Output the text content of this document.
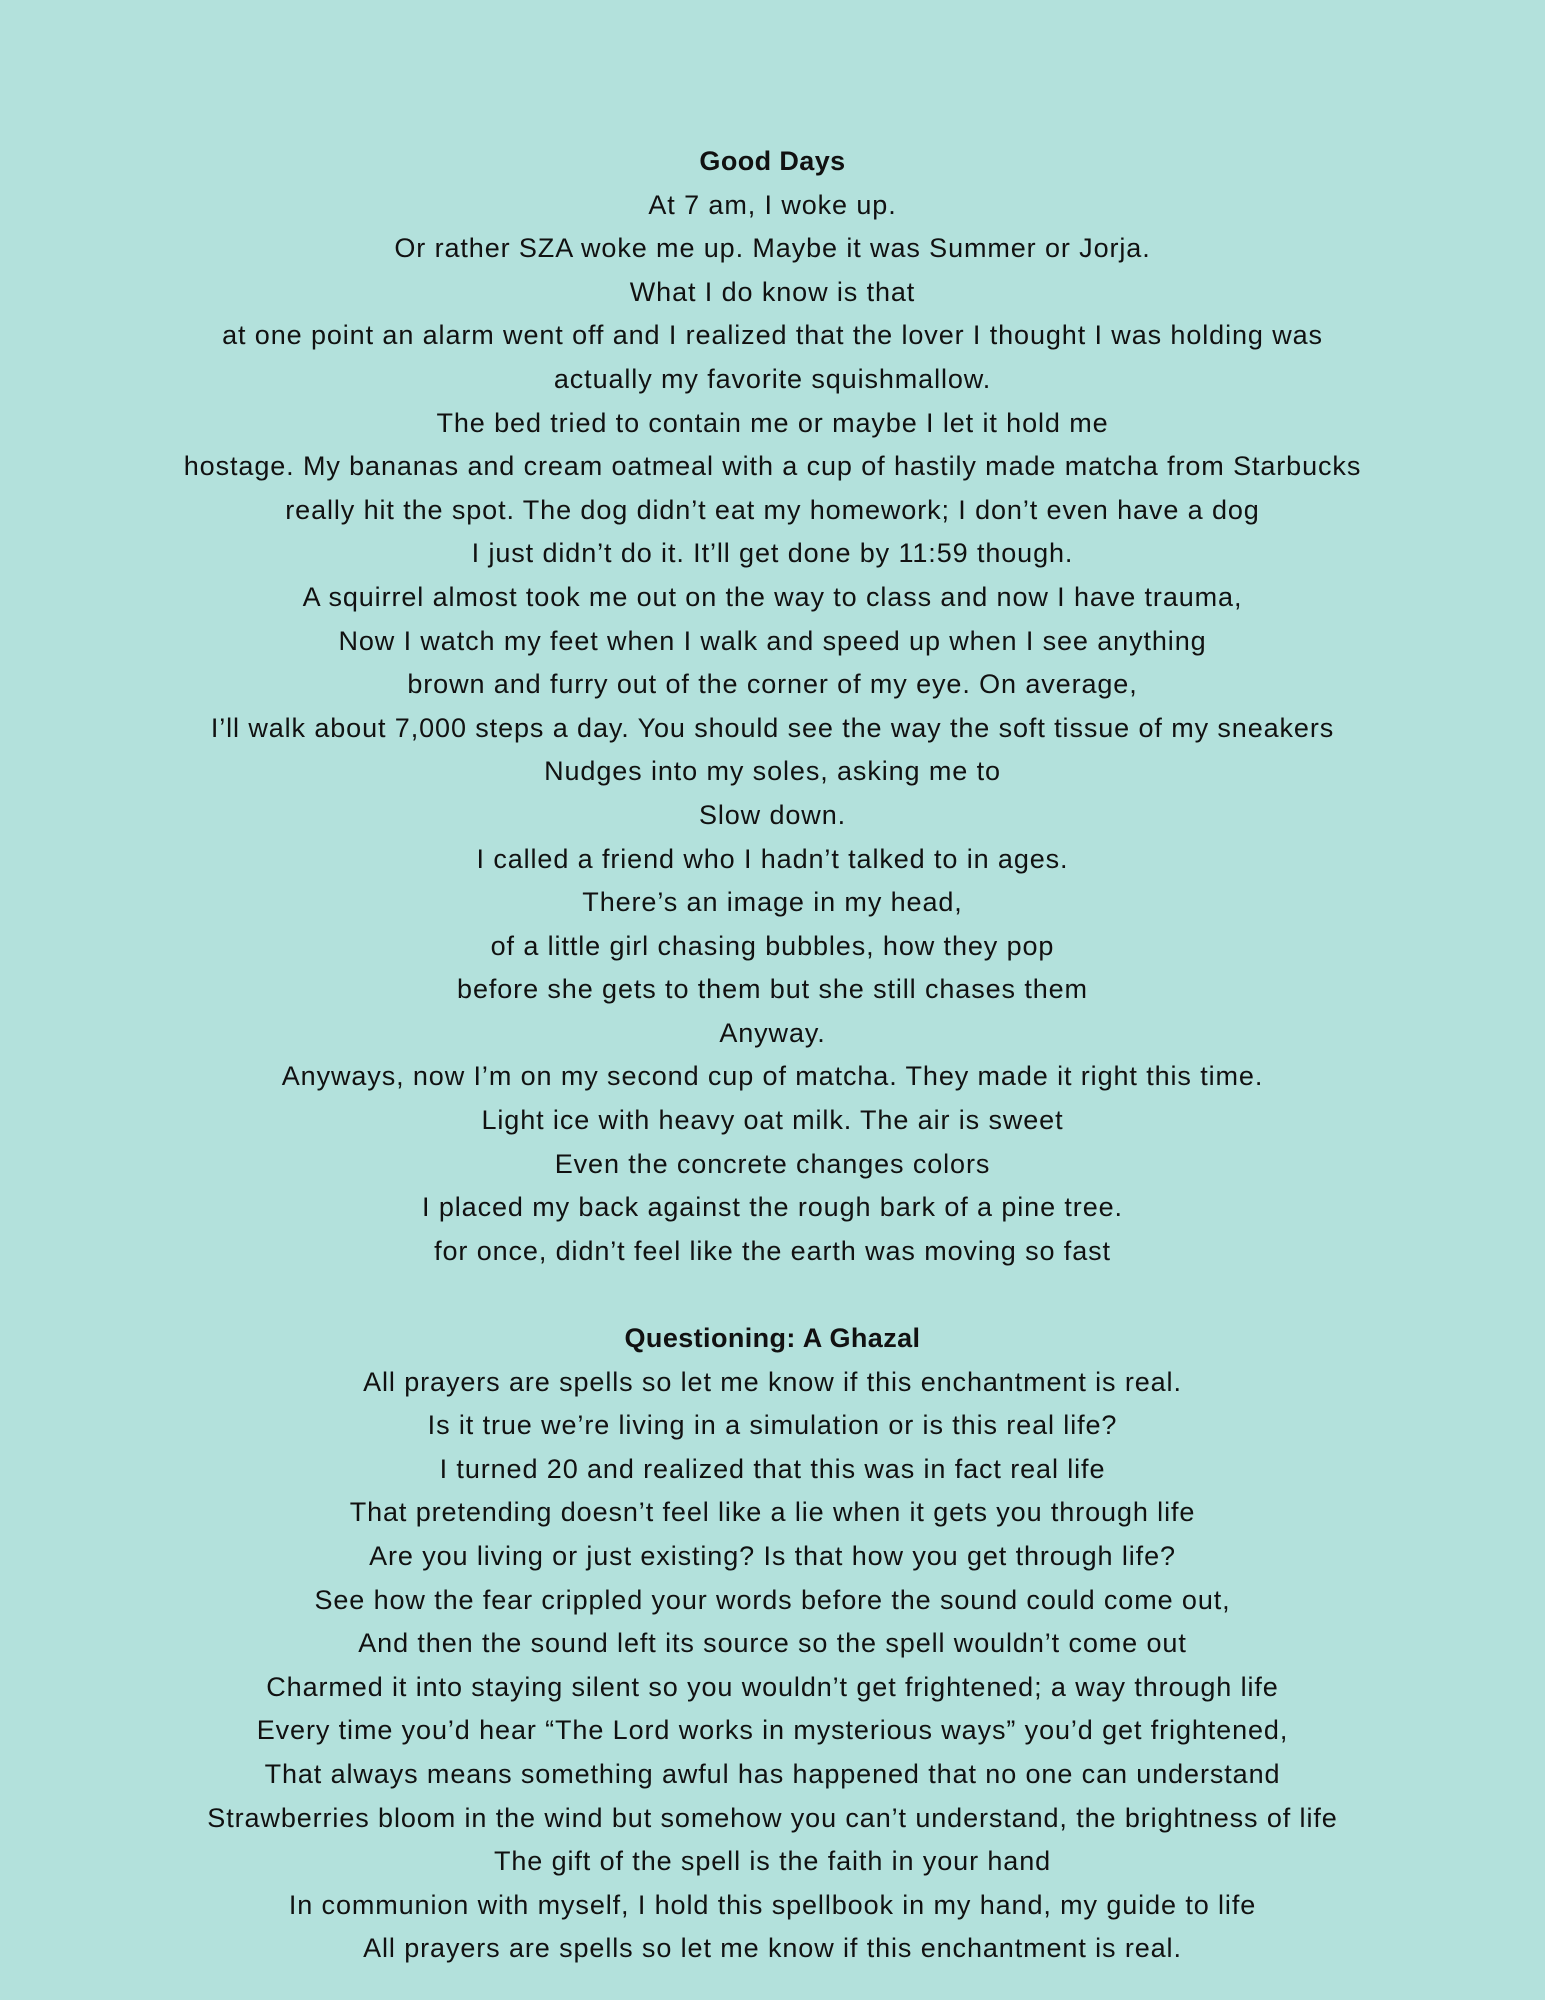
Good Days
At 7 am, I woke up.
Or rather SZA woke me up. Maybe it was Summer or Jorja.
What I do know is that
at one point an alarm went off and I realized that the lover I thought I was holding was
actually my favorite squishmallow.
The bed tried to contain me or maybe I let it hold me
hostage. My bananas and cream oatmeal with a cup of hastily made matcha from Starbucks
really hit the spot. The dog didn’t eat my homework; I don’t even have a dog
I just didn’t do it. It’ll get done by 11:59 though.
A squirrel almost took me out on the way to class and now I have trauma,
Now I watch my feet when I walk and speed up when I see anything
brown and furry out of the corner of my eye. On average,
I’ll walk about 7,000 steps a day. You should see the way the soft tissue of my sneakers
Nudges into my soles, asking me to
Slow down.
I called a friend who I hadn’t talked to in ages.
There’s an image in my head,
of a little girl chasing bubbles, how they pop
before she gets to them but she still chases them
Anyway.
Anyways, now I’m on my second cup of matcha. They made it right this time.
Light ice with heavy oat milk. The air is sweet
Even the concrete changes colors
I placed my back against the rough bark of a pine tree.
for once, didn’t feel like the earth was moving so fast
Questioning: A Ghazal
All prayers are spells so let me know if this enchantment is real.
Is it true we’re living in a simulation or is this real life?
I turned 20 and realized that this was in fact real life
That pretending doesn’t feel like a lie when it gets you through life
Are you living or just existing? Is that how you get through life?
See how the fear crippled your words before the sound could come out,
And then the sound left its source so the spell wouldn’t come out
Charmed it into staying silent so you wouldn’t get frightened; a way through life
Every time you’d hear “The Lord works in mysterious ways” you’d get frightened,
That always means something awful has happened that no one can understand
Strawberries bloom in the wind but somehow you can’t understand, the brightness of life
The gift of the spell is the faith in your hand
In communion with myself, I hold this spellbook in my hand, my guide to life
All prayers are spells so let me know if this enchantment is real.
